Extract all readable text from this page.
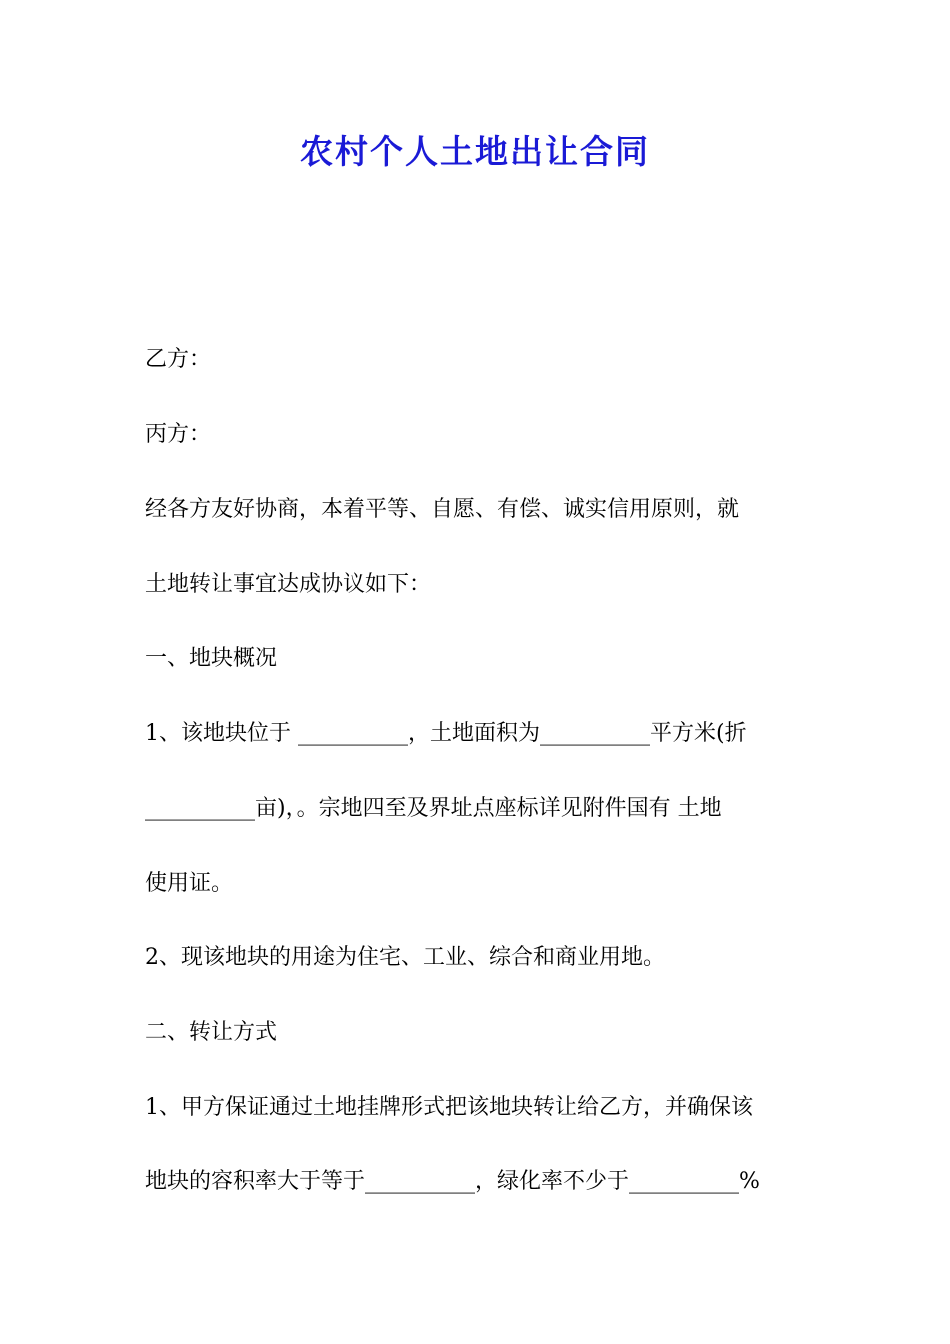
农村个人土地出让合同
乙方：
丙方：
经各方友好协商，本着平等、自愿、有偿、诚实信用原则，就
土地转让事宜达成协议如下：
一、地块概况
1、该地块位于 __________，土地面积为__________平方米(折
__________亩)，。宗地四至及界址点座标详见附件国有 土地
使用证。
2、现该地块的用途为住宅、工业、综合和商业用地。
二、转让方式
1、甲方保证通过土地挂牌形式把该地块转让给乙方，并确保该
地块的容积率大于等于__________，绿化率不少于__________%
